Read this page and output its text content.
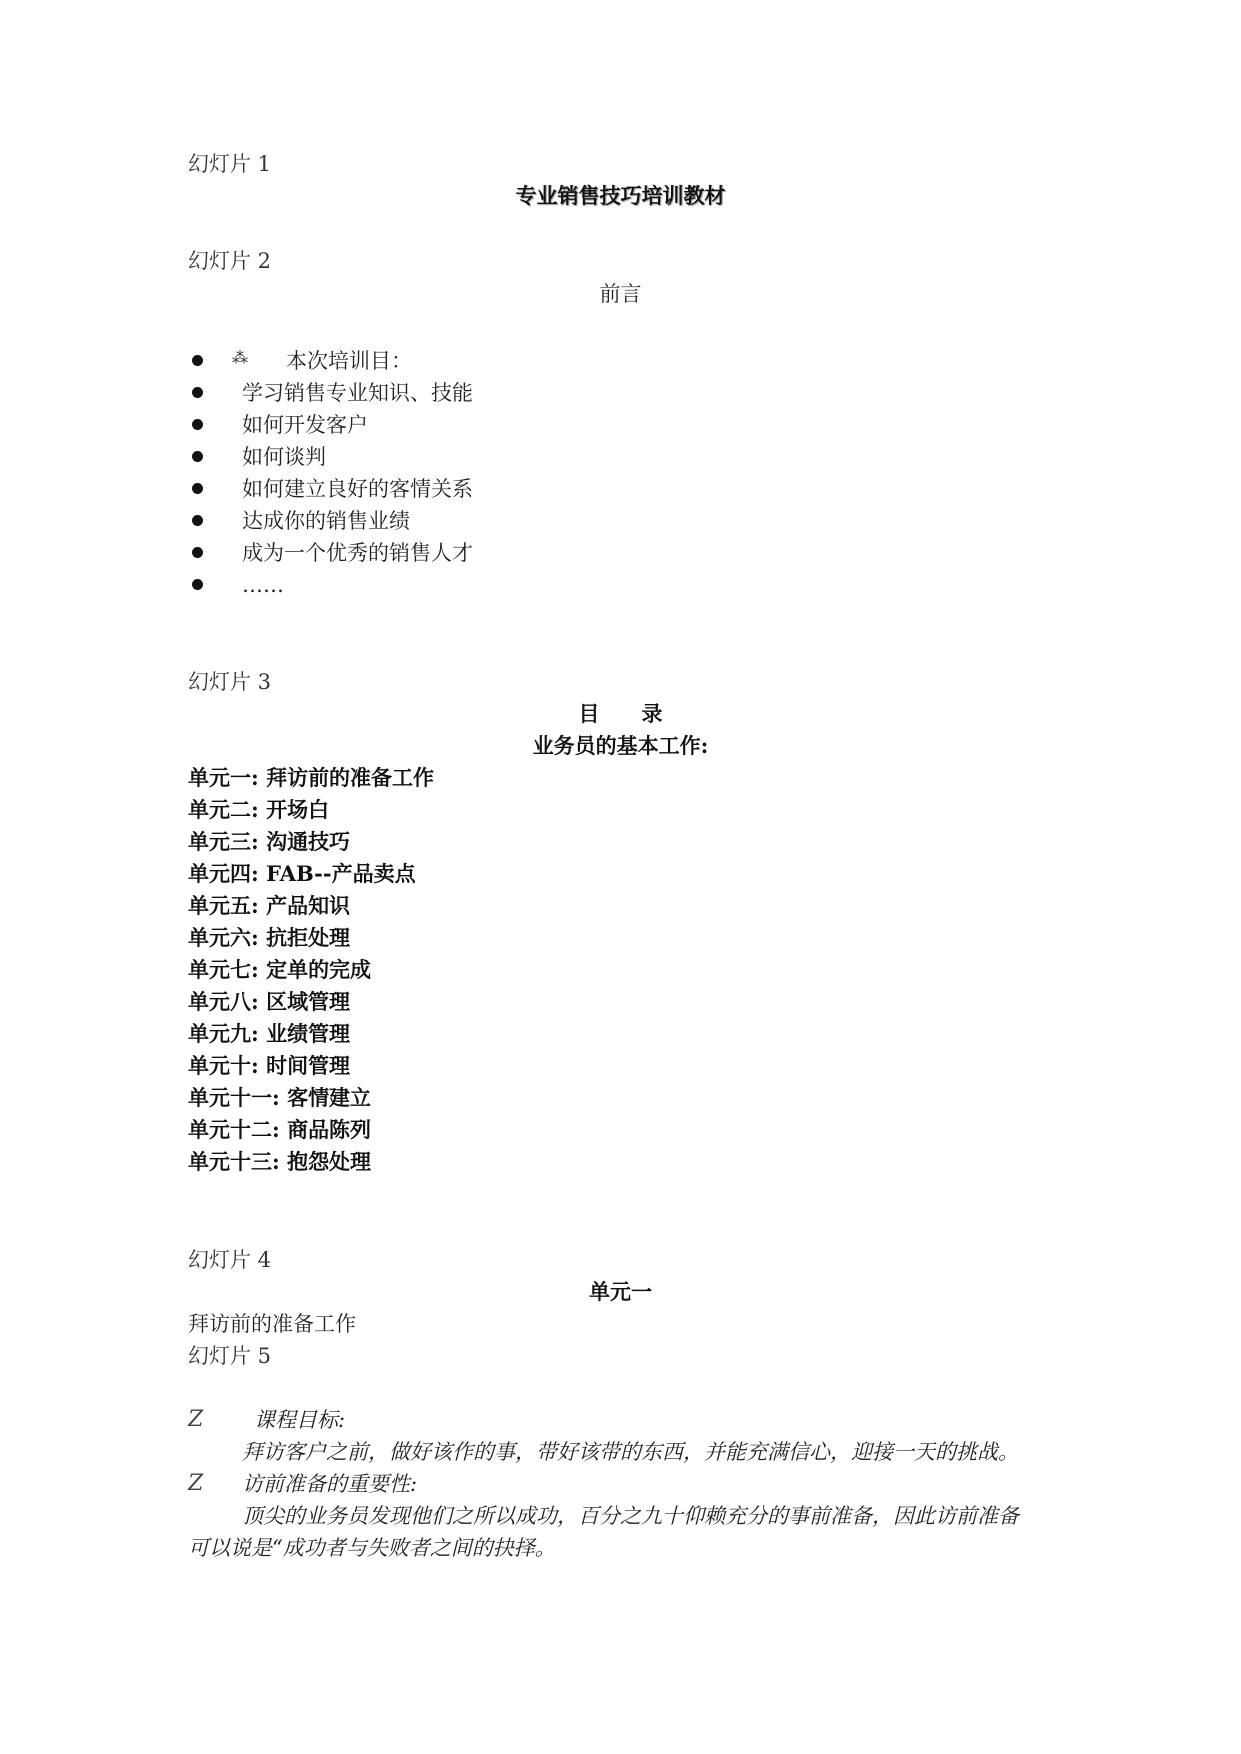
幻灯片 1
专业销售技巧培训教材
幻灯片 2
前言
⁂ 本次培训目：
学习销售专业知识、技能
如何开发客户
如何谈判
如何建立良好的客情关系
达成你的销售业绩
成为一个优秀的销售人才
……
幻灯片 3
目　　录
业务员的基本工作:
单元一: 拜访前的准备工作
单元二: 开场白
单元三: 沟通技巧
单元四: FAB--产品卖点
单元五: 产品知识
单元六: 抗拒处理
单元七: 定单的完成
单元八: 区域管理
单元九: 业绩管理
单元十: 时间管理
单元十一: 客情建立
单元十二: 商品陈列
单元十三: 抱怨处理
幻灯片 4
单元一
拜访前的准备工作
幻灯片 5
Z 课程目标:
拜访客户之前，做好该作的事，带好该带的东西，并能充满信心，迎接一天的挑战。
Z 访前准备的重要性:
顶尖的业务员发现他们之所以成功，百分之九十仰赖充分的事前准备，因此访前准备
可以说是“成功者与失败者之间的抉择。
